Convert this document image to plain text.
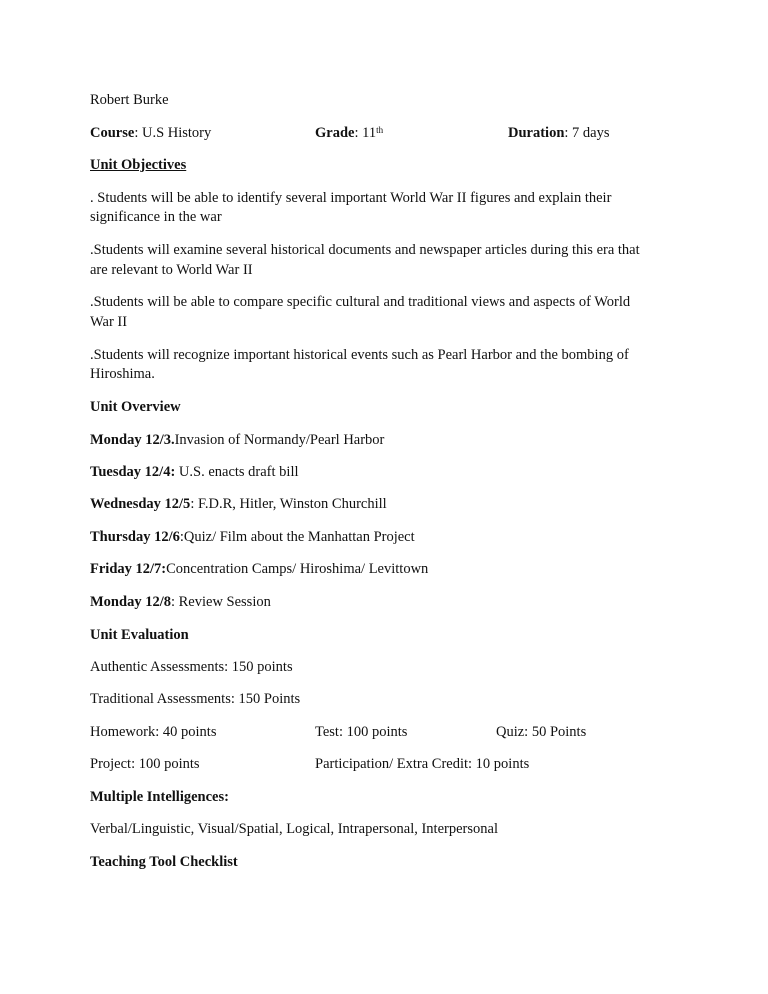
Robert Burke
Course: U.S History	Grade: 11th	Duration: 7 days
Unit Objectives
. Students will be able to identify several important World War II figures and explain their
significance in the war
.Students will examine several historical documents and newspaper articles during this era that
are relevant to World War II
.Students will be able to compare specific cultural and traditional views and aspects of World
War II
.Students will recognize important historical events such as Pearl Harbor and the bombing of
Hiroshima.
Unit Overview
Monday 12/3.Invasion of Normandy/Pearl Harbor
Tuesday 12/4: U.S. enacts draft bill
Wednesday 12/5: F.D.R, Hitler, Winston Churchill
Thursday 12/6:Quiz/ Film about the Manhattan Project
Friday 12/7:Concentration Camps/ Hiroshima/ Levittown
Monday 12/8: Review Session
Unit Evaluation
Authentic Assessments: 150 points
Traditional Assessments: 150 Points
Homework: 40 points	Test: 100 points	Quiz: 50 Points
Project: 100 points	Participation/ Extra Credit: 10 points
Multiple Intelligences:
Verbal/Linguistic, Visual/Spatial, Logical, Intrapersonal, Interpersonal
Teaching Tool Checklist
